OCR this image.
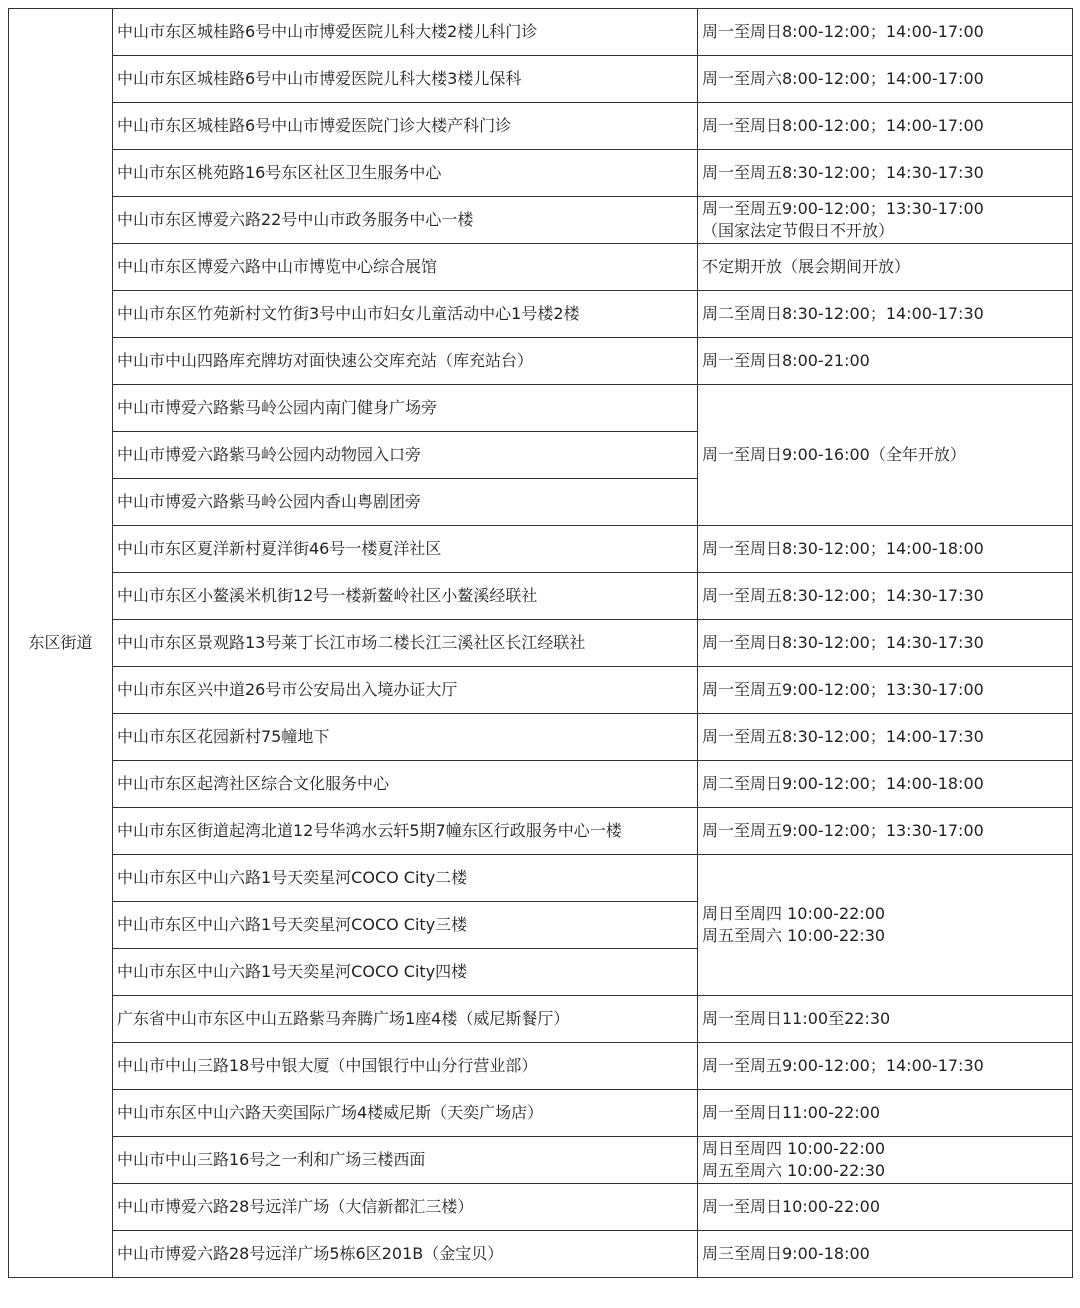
东区街道	中山市东区城桂路6号中山市博爱医院儿科大楼2楼儿科门诊	周一至周日8:00-12:00；14:00-17:00

	中山市东区城桂路6号中山市博爱医院儿科大楼3楼儿保科	周一至周六8:00-12:00；14:00-17:00

	中山市东区城桂路6号中山市博爱医院门诊大楼产科门诊	周一至周日8:00-12:00；14:00-17:00

	中山市东区桃苑路16号东区社区卫生服务中心	周一至周五8:30-12:00；14:30-17:30

	中山市东区博爱六路22号中山市政务服务中心一楼	周一至周五9:00-12:00；13:30-17:00
（国家法定节假日不开放）

	中山市东区博爱六路中山市博览中心综合展馆	不定期开放（展会期间开放）

	中山市东区竹苑新村文竹街3号中山市妇女儿童活动中心1号楼2楼	周二至周日8:30-12:00；14:00-17:30

	中山市中山四路库充牌坊对面快速公交库充站（库充站台）	周一至周日8:00-21:00

	中山市博爱六路紫马岭公园内南门健身广场旁	周一至周日9:00-16:00（全年开放）

	中山市博爱六路紫马岭公园内动物园入口旁	
	中山市博爱六路紫马岭公园内香山粤剧团旁	
	中山市东区夏洋新村夏洋街46号一楼夏洋社区	周一至周日8:30-12:00；14:00-18:00

	中山市东区小鳌溪米机街12号一楼新鳌岭社区小鳌溪经联社	周一至周五8:30-12:00；14:30-17:30

	中山市东区景观路13号莱丁长江市场二楼长江三溪社区长江经联社	周一至周日8:30-12:00；14:30-17:30

	中山市东区兴中道26号市公安局出入境办证大厅	周一至周五9:00-12:00；13:30-17:00

	中山市东区花园新村75幢地下	周一至周五8:30-12:00；14:00-17:30

	中山市东区起湾社区综合文化服务中心	周二至周日9:00-12:00；14:00-18:00

	中山市东区街道起湾北道12号华鸿水云轩5期7幢东区行政服务中心一楼	周一至周五9:00-12:00；13:30-17:00

	中山市东区中山六路1号天奕星河COCO City二楼	周日至周四 10:00-22:00
周五至周六 10:00-22:30

	中山市东区中山六路1号天奕星河COCO City三楼	
	中山市东区中山六路1号天奕星河COCO City四楼	
	广东省中山市东区中山五路紫马奔腾广场1座4楼（威尼斯餐厅）	周一至周日11:00至22:30

	中山市中山三路18号中银大厦（中国银行中山分行营业部）	周一至周五9:00-12:00；14:00-17:30

	中山市东区中山六路天奕国际广场4楼威尼斯（天奕广场店）	周一至周日11:00-22:00

	中山市中山三路16号之一利和广场三楼西面	周日至周四 10:00-22:00
周五至周六 10:00-22:30

	中山市博爱六路28号远洋广场（大信新都汇三楼）	周一至周日10:00-22:00

	中山市博爱六路28号远洋广场5栋6区201B（金宝贝）	周三至周日9:00-18:00
